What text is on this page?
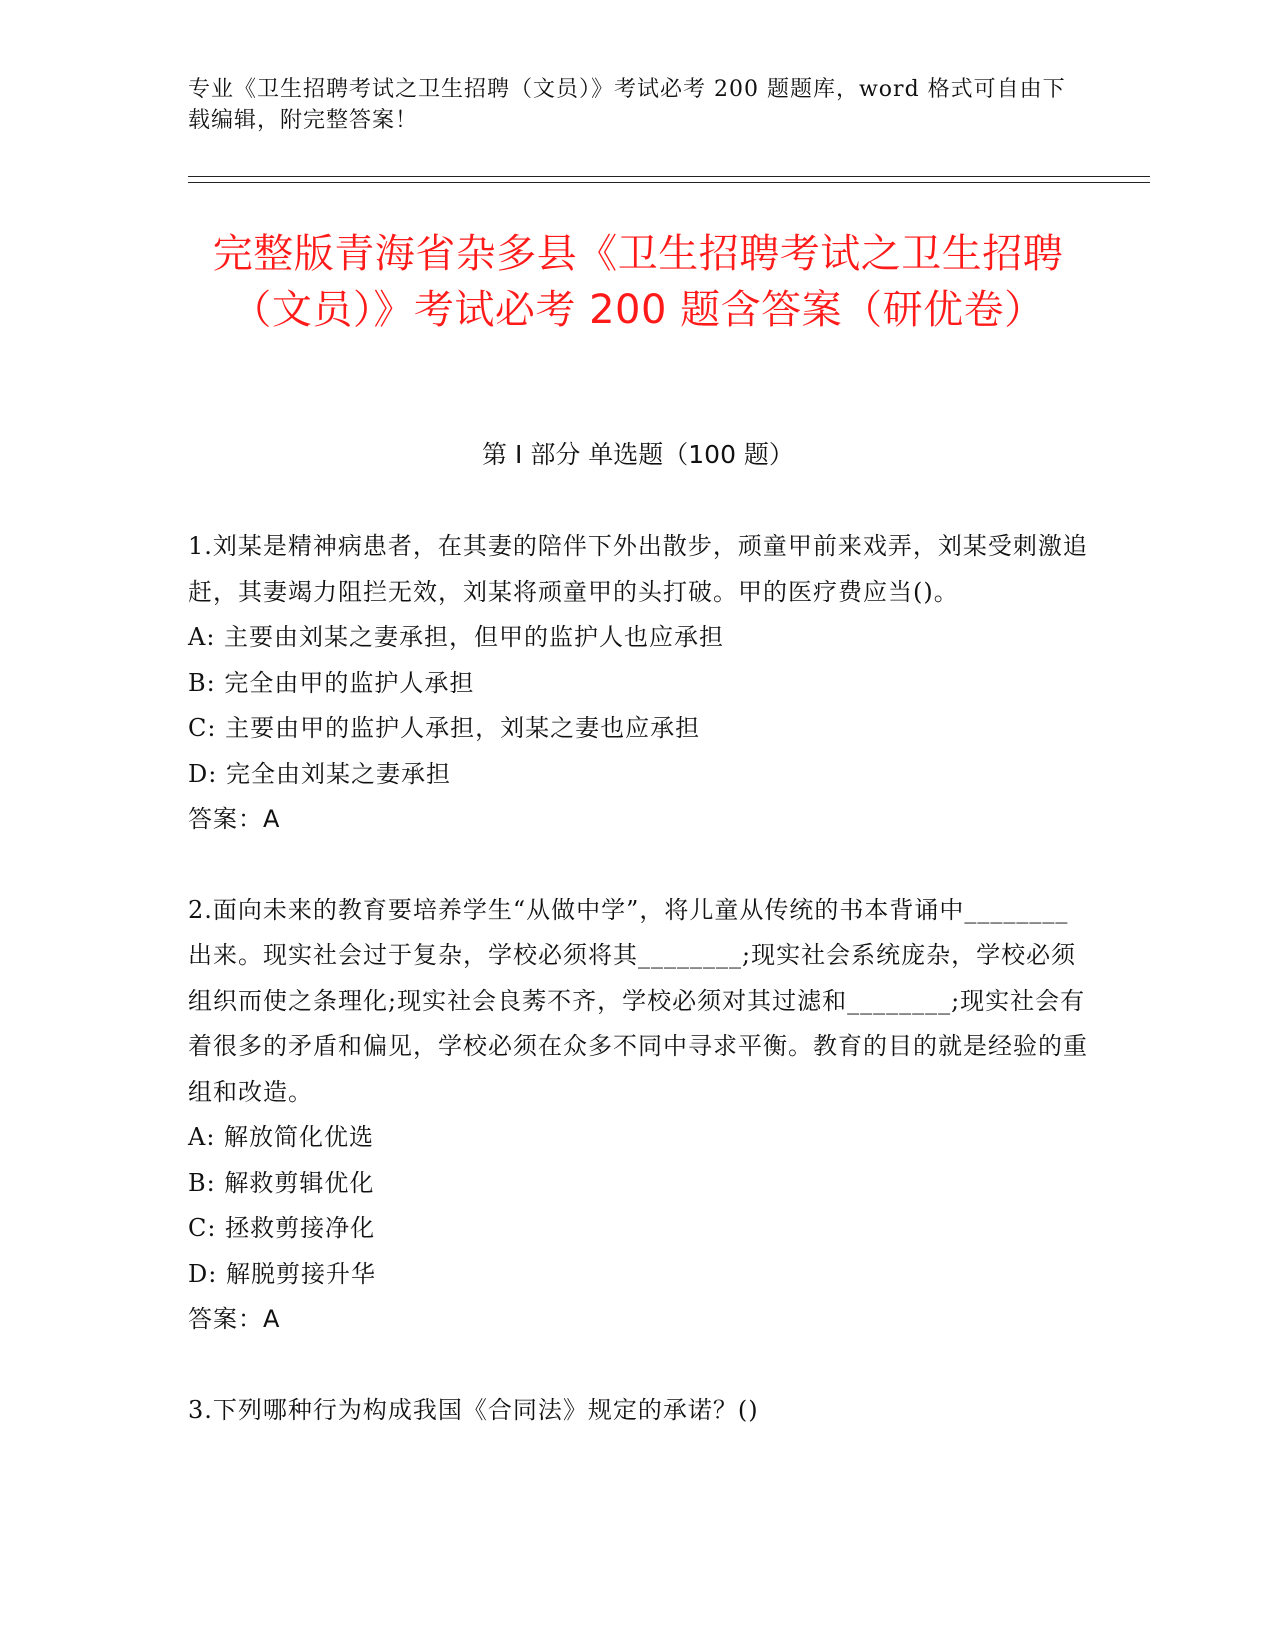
专业《卫生招聘考试之卫生招聘（文员）》考试必考 200 题题库，word 格式可自由下载编辑，附完整答案！
完整版青海省杂多县《卫生招聘考试之卫生招聘（文员）》考试必考 200 题含答案（研优卷）
第 I 部分 单选题（100 题）

1.刘某是精神病患者，在其妻的陪伴下外出散步，顽童甲前来戏弄，刘某受刺激追赶，其妻竭力阻拦无效，刘某将顽童甲的头打破。甲的医疗费应当()。

A: 主要由刘某之妻承担，但甲的监护人也应承担

B: 完全由甲的监护人承担

C: 主要由甲的监护人承担，刘某之妻也应承担

D: 完全由刘某之妻承担

答案：A

2.面向未来的教育要培养学生“从做中学”，将儿童从传统的书本背诵中________出来。现实社会过于复杂，学校必须将其________;现实社会系统庞杂，学校必须组织而使之条理化;现实社会良莠不齐，学校必须对其过滤和________;现实社会有着很多的矛盾和偏见，学校必须在众多不同中寻求平衡。教育的目的就是经验的重组和改造。

A: 解放简化优选

B: 解救剪辑优化

C: 拯救剪接净化

D: 解脱剪接升华

答案：A

3.下列哪种行为构成我国《合同法》规定的承诺？()
